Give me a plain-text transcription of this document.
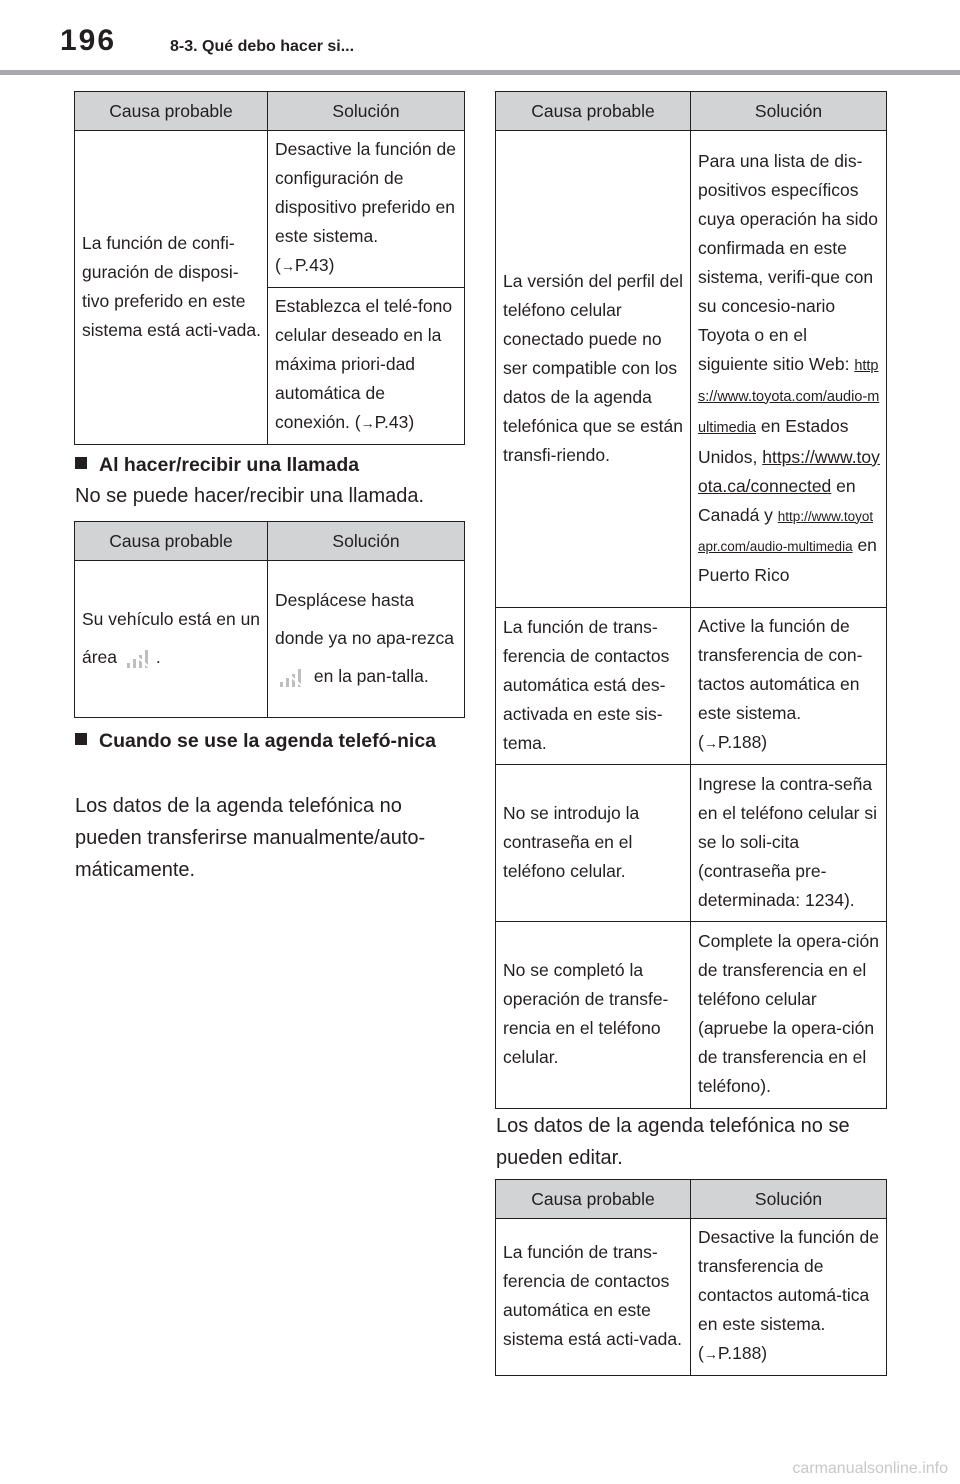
196	8-3. Qué debo hacer si...
Causa probable	Solución
La función de confi-guración de disposi-tivo preferido en este sistema está acti-vada.	Desactive la función de configuración de dispositivo preferido en este sistema.
(→P.43)
	Establezca el telé-fono celular deseado en la máxima priori-dad automática de conexión. (→P.43)
Al hacer/recibir una llamada
No se puede hacer/recibir una llamada.
Causa probable	Solución
Su vehículo está en un área .	Desplácese hasta donde ya no apa-rezca  en la pan-talla.
Cuando se use la agenda telefó-nica
Los datos de la agenda telefónica no pueden transferirse manualmente/auto-máticamente.
Causa probable	Solución
La versión del perfil del teléfono celular conectado puede no ser compatible con los datos de la agenda telefónica que se están transfi-riendo.	Para una lista de dis-positivos específicos cuya operación ha sido confirmada en este sistema, verifi-que con su concesio-nario Toyota o en el siguiente sitio Web: https://www.toyota.com/audio-multimedia en Estados Unidos, https://www.toyota.ca/connected en Canadá y http://www.toyotapr.com/audio-multimedia en Puerto Rico
La función de trans-ferencia de contactos automática está des-activada en este sis-tema.	Active la función de transferencia de con-tactos automática en este sistema.
(→P.188)
No se introdujo la contraseña en el teléfono celular.	Ingrese la contra-seña en el teléfono celular si se lo soli-cita (contraseña pre-determinada: 1234).
No se completó la operación de transfe-rencia en el teléfono celular.	Complete la opera-ción de transferencia en el teléfono celular (apruebe la opera-ción de transferencia en el teléfono).
Los datos de la agenda telefónica no se pueden editar.
Causa probable	Solución
La función de trans-ferencia de contactos automática en este sistema está acti-vada.	Desactive la función de transferencia de contactos automá-tica en este sistema.
(→P.188)
carmanualsonline.info
